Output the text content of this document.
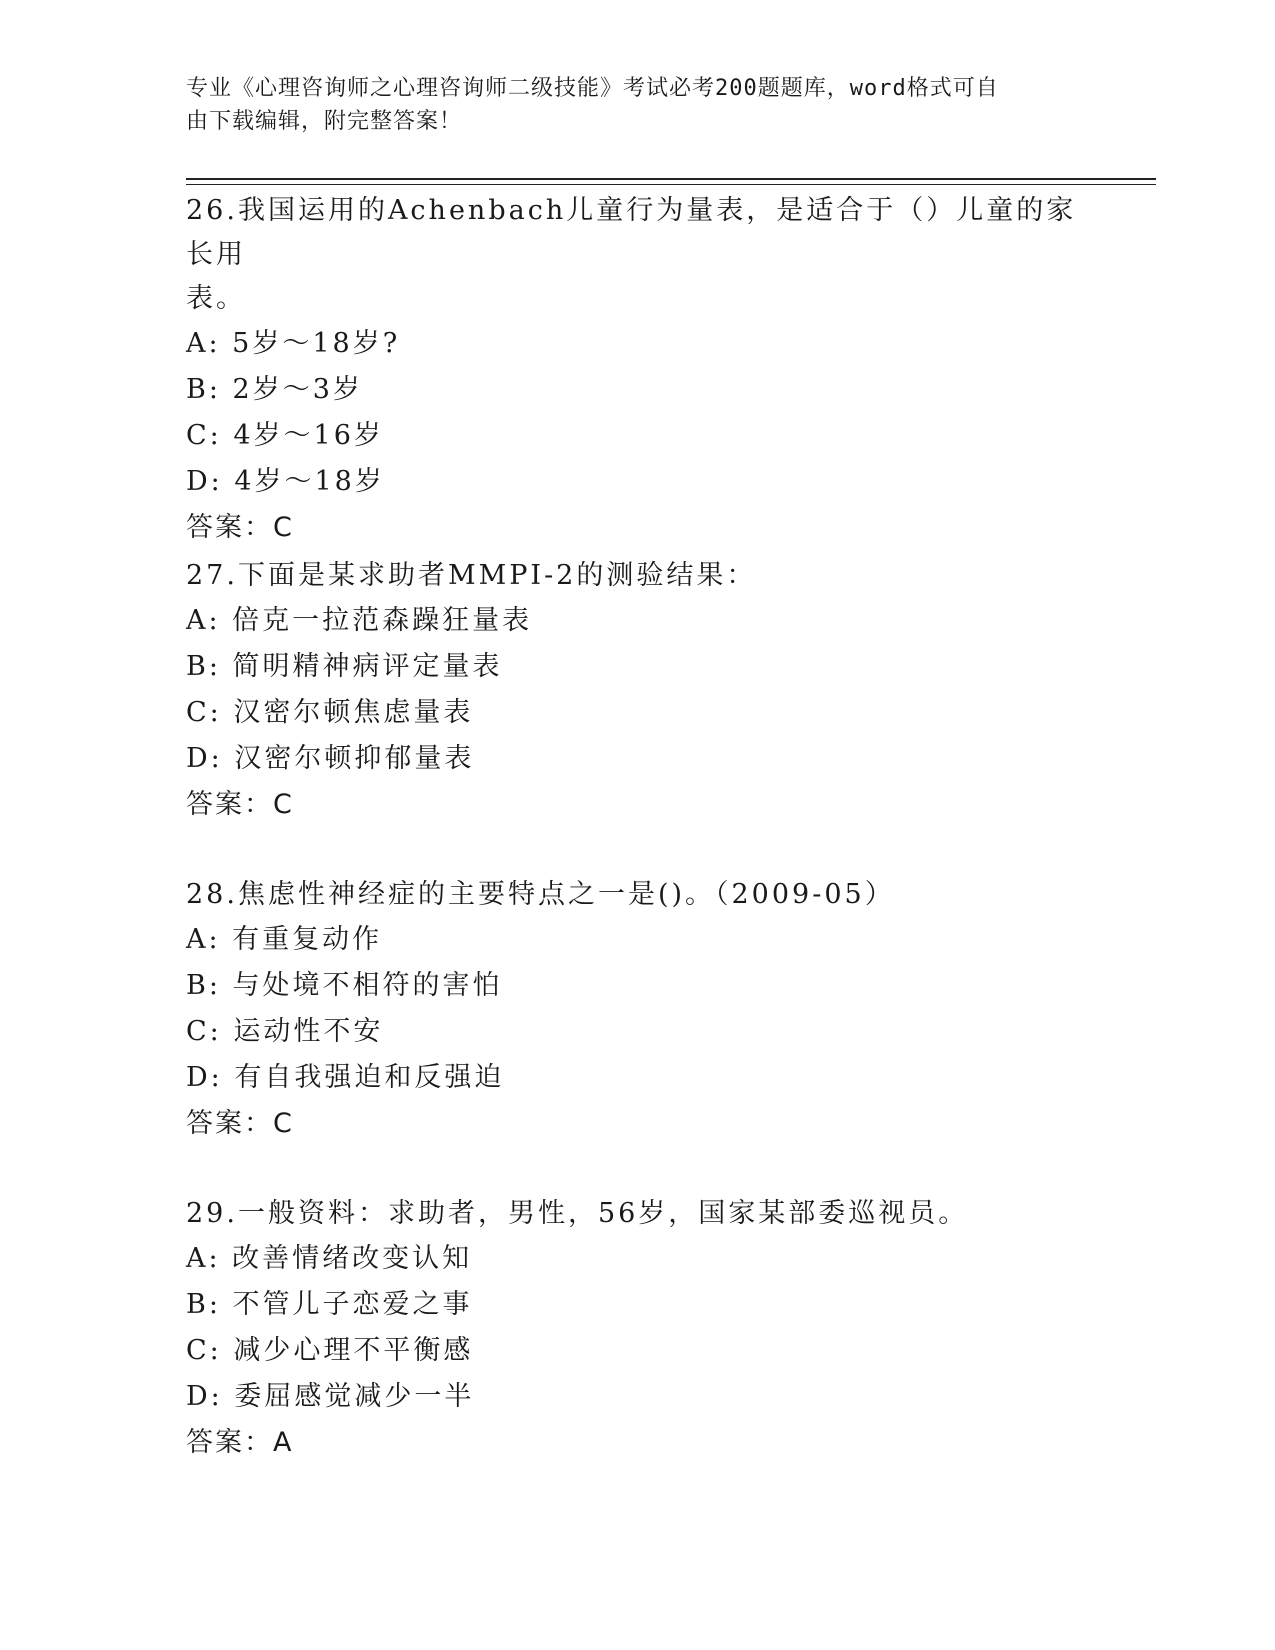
专业《心理咨询师之心理咨询师二级技能》考试必考200题题库，word格式可自
由下载编辑，附完整答案！
26.我国运用的Achenbach儿童行为量表，是适合于（）儿童的家长用
表。
A: 5岁～18岁?
B: 2岁～3岁
C: 4岁～16岁
D: 4岁～18岁
答案：C
27.下面是某求助者MMPI-2的测验结果：
A: 倍克一拉范森躁狂量表
B: 简明精神病评定量表
C: 汉密尔顿焦虑量表
D: 汉密尔顿抑郁量表
答案：C
28.焦虑性神经症的主要特点之一是()。（2009-05）
A: 有重复动作
B: 与处境不相符的害怕
C: 运动性不安
D: 有自我强迫和反强迫
答案：C
29.一般资料：求助者，男性，56岁，国家某部委巡视员。
A: 改善情绪改变认知
B: 不管儿子恋爱之事
C: 减少心理不平衡感
D: 委屈感觉减少一半
答案：A
